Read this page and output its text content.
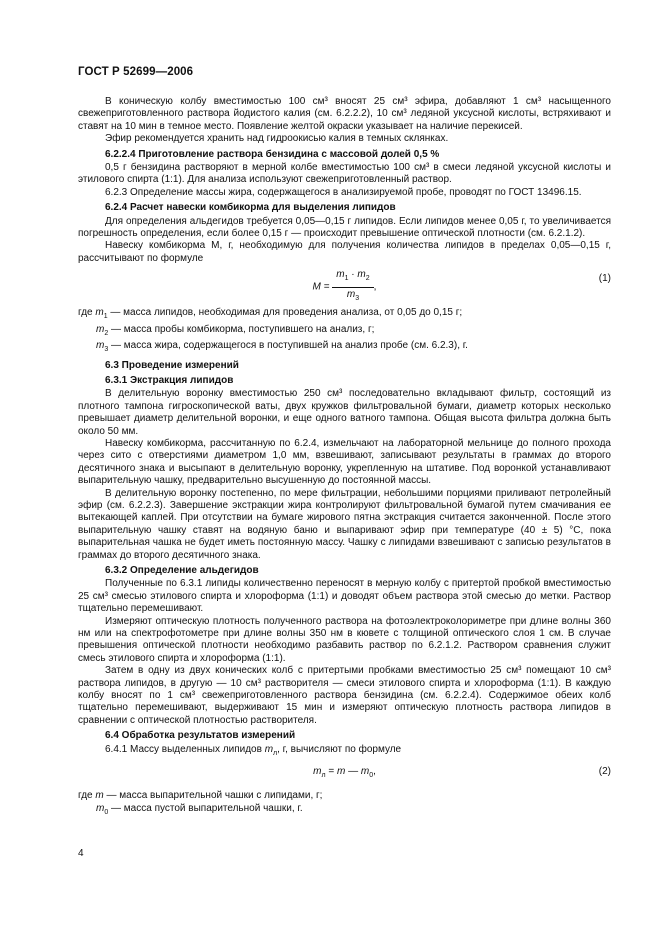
ГОСТ Р 52699—2006

В коническую колбу вместимостью 100 см³ вносят 25 см³ эфира, добавляют 1 см³ насыщенного свежеприготовленного раствора йодистого калия (см. 6.2.2.2), 10 см³ ледяной уксусной кислоты, встряхивают и ставят на 10 мин в темное место. Появление желтой окраски указывает на наличие перекисей.

Эфир рекомендуется хранить над гидроокисью калия в темных склянках.

6.2.2.4 Приготовление раствора бензидина с массовой долей 0,5 %

0,5 г бензидина растворяют в мерной колбе вместимостью 100 см³ в смеси ледяной уксусной кислоты и этилового спирта (1:1). Для анализа используют свежеприготовленный раствор.

6.2.3 Определение массы жира, содержащегося в анализируемой пробе, проводят по ГОСТ 13496.15.

6.2.4 Расчет навески комбикорма для выделения липидов

Для определения альдегидов требуется 0,05—0,15 г липидов. Если липидов менее 0,05 г, то увеличивается погрешность определения, если более 0,15 г — происходит превышение оптической плотности (см. 6.2.1.2).

Навеску комбикорма М, г, необходимую для получения количества липидов в пределах 0,05—0,15 г, рассчитывают по формуле

$M = \frac{m_1 \cdot m_2}{m_3}$ ,
(1)

где $m_1$ — масса липидов, необходимая для проведения анализа, от 0,05 до 0,15 г;

$m_2$ — масса пробы комбикорма, поступившего на анализ, г;

$m_3$ — масса жира, содержащегося в поступившей на анализ пробе (см. 6.2.3), г.

6.3 Проведение измерений
6.3.1 Экстракция липидов

В делительную воронку вместимостью 250 см³ последовательно вкладывают фильтр, состоящий из плотного тампона гигроскопической ваты, двух кружков фильтровальной бумаги, диаметр которых несколько превышает диаметр делительной воронки, и еще одного ватного тампона. Общая высота фильтра должна быть около 50 мм.

Навеску комбикорма, рассчитанную по 6.2.4, измельчают на лабораторной мельнице до полного прохода через сито с отверстиями диаметром 1,0 мм, взвешивают, записывают результаты в граммах до второго десятичного знака и высыпают в делительную воронку, укрепленную на штативе. Под воронкой устанавливают выпарительную чашку, предварительно высушенную до постоянной массы.

В делительную воронку постепенно, по мере фильтрации, небольшими порциями приливают петролейный эфир (см. 6.2.2.3). Завершение экстракции жира контролируют фильтровальной бумагой путем смачивания ее вытекающей каплей. При отсутствии на бумаге жирового пятна экстракция считается законченной. После этого выпарительную чашку ставят на водяную баню и выпаривают эфир при температуре (40 ± 5) °С, пока выпарительная чашка не будет иметь постоянную массу. Чашку с липидами взвешивают с записью результатов в граммах до второго десятичного знака.

6.3.2 Определение альдегидов

Полученные по 6.3.1 липиды количественно переносят в мерную колбу с притертой пробкой вместимостью 25 см³ смесью этилового спирта и хлороформа (1:1) и доводят объем раствора этой смесью до метки. Раствор тщательно перемешивают.

Измеряют оптическую плотность полученного раствора на фотоэлектроколориметре при длине волны 360 нм или на спектрофотометре при длине волны 350 нм в кювете с толщиной оптического слоя 1 см. В случае превышения оптической плотности необходимо разбавить раствор по 6.2.1.2. Раствором сравнения служит смесь этилового спирта и хлороформа (1:1).

Затем в одну из двух конических колб с притертыми пробками вместимостью 25 см³ помещают 10 см³ раствора липидов, в другую — 10 см³ растворителя — смеси этилового спирта и хлороформа (1:1). В каждую колбу вносят по 1 см³ свежеприготовленного раствора бензидина (см. 6.2.2.4). Содержимое обеих колб тщательно перемешивают, выдерживают 15 мин и измеряют оптическую плотность раствора липидов в сравнении с оптической плотностью растворителя.

6.4 Обработка результатов измерений

6.4.1 Массу выделенных липидов $m_л$, г, вычисляют по формуле

$m_л = m$ — $m_0$,	(2)

где m — масса выпарительной чашки с липидами, г;

$m_0$ — масса пустой выпарительной чашки, г.

4
